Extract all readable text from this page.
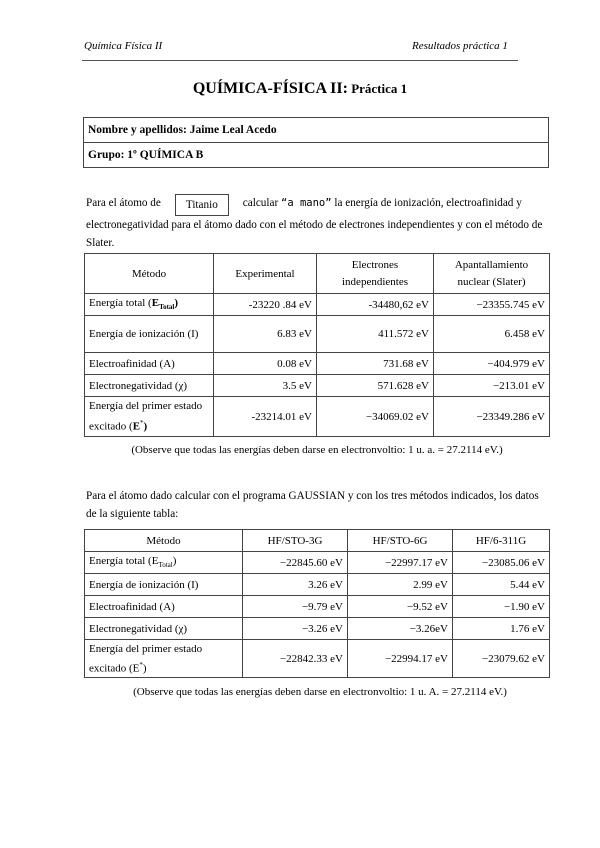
Química Física II	Resultados práctica 1
QUÍMICA-FÍSICA II: Práctica 1
Nombre y apellidos: Jaime Leal Acedo
Grupo: 1º QUÍMICA B
Para el átomo de Titanio calcular “a mano” la energía de ionización, electroafinidad y electronegatividad para el átomo dado con el método de electrones independientes y con el método de Slater.
Método	Experimental	Electrones independientes	Apantallamiento nuclear (Slater)
Energía total $(E_{Total})$	-23220 .84 eV	-34480,62 eV	−23355.745 eV
Energía de ionización (I)	6.83 eV	411.572 eV	6.458 eV
Electroafinidad (A)	0.08 eV	731.68 eV	−404.979 eV
Electronegatividad (χ)	3.5 eV	571.628 eV	−213.01 eV
Energía del primer estado excitado (E*)	-23214.01 eV	−34069.02 eV	−23349.286 eV
(Observe que todas las energías deben darse en electronvoltio: 1 u. a. = 27.2114 eV.)
Para el átomo dado calcular con el programa GAUSSIAN y con los tres métodos indicados, los datos de la siguiente tabla:
Método	HF/STO-3G	HF/STO-6G	HF/6-311G
Energía total $(E_{Total})$	−22845.60 eV	−22997.17 eV	−23085.06 eV
Energía de ionización (I)	3.26 eV	2.99 eV	5.44 eV
Electroafinidad (A)	−9.79 eV	−9.52 eV	−1.90 eV
Electronegatividad (χ)	−3.26 eV	−3.26eV	1.76 eV
Energía del primer estado excitado (E*)	−22842.33 eV	−22994.17 eV	−23079.62 eV
(Observe que todas las energías deben darse en electronvoltio: 1 u. A. = 27.2114 eV.)
